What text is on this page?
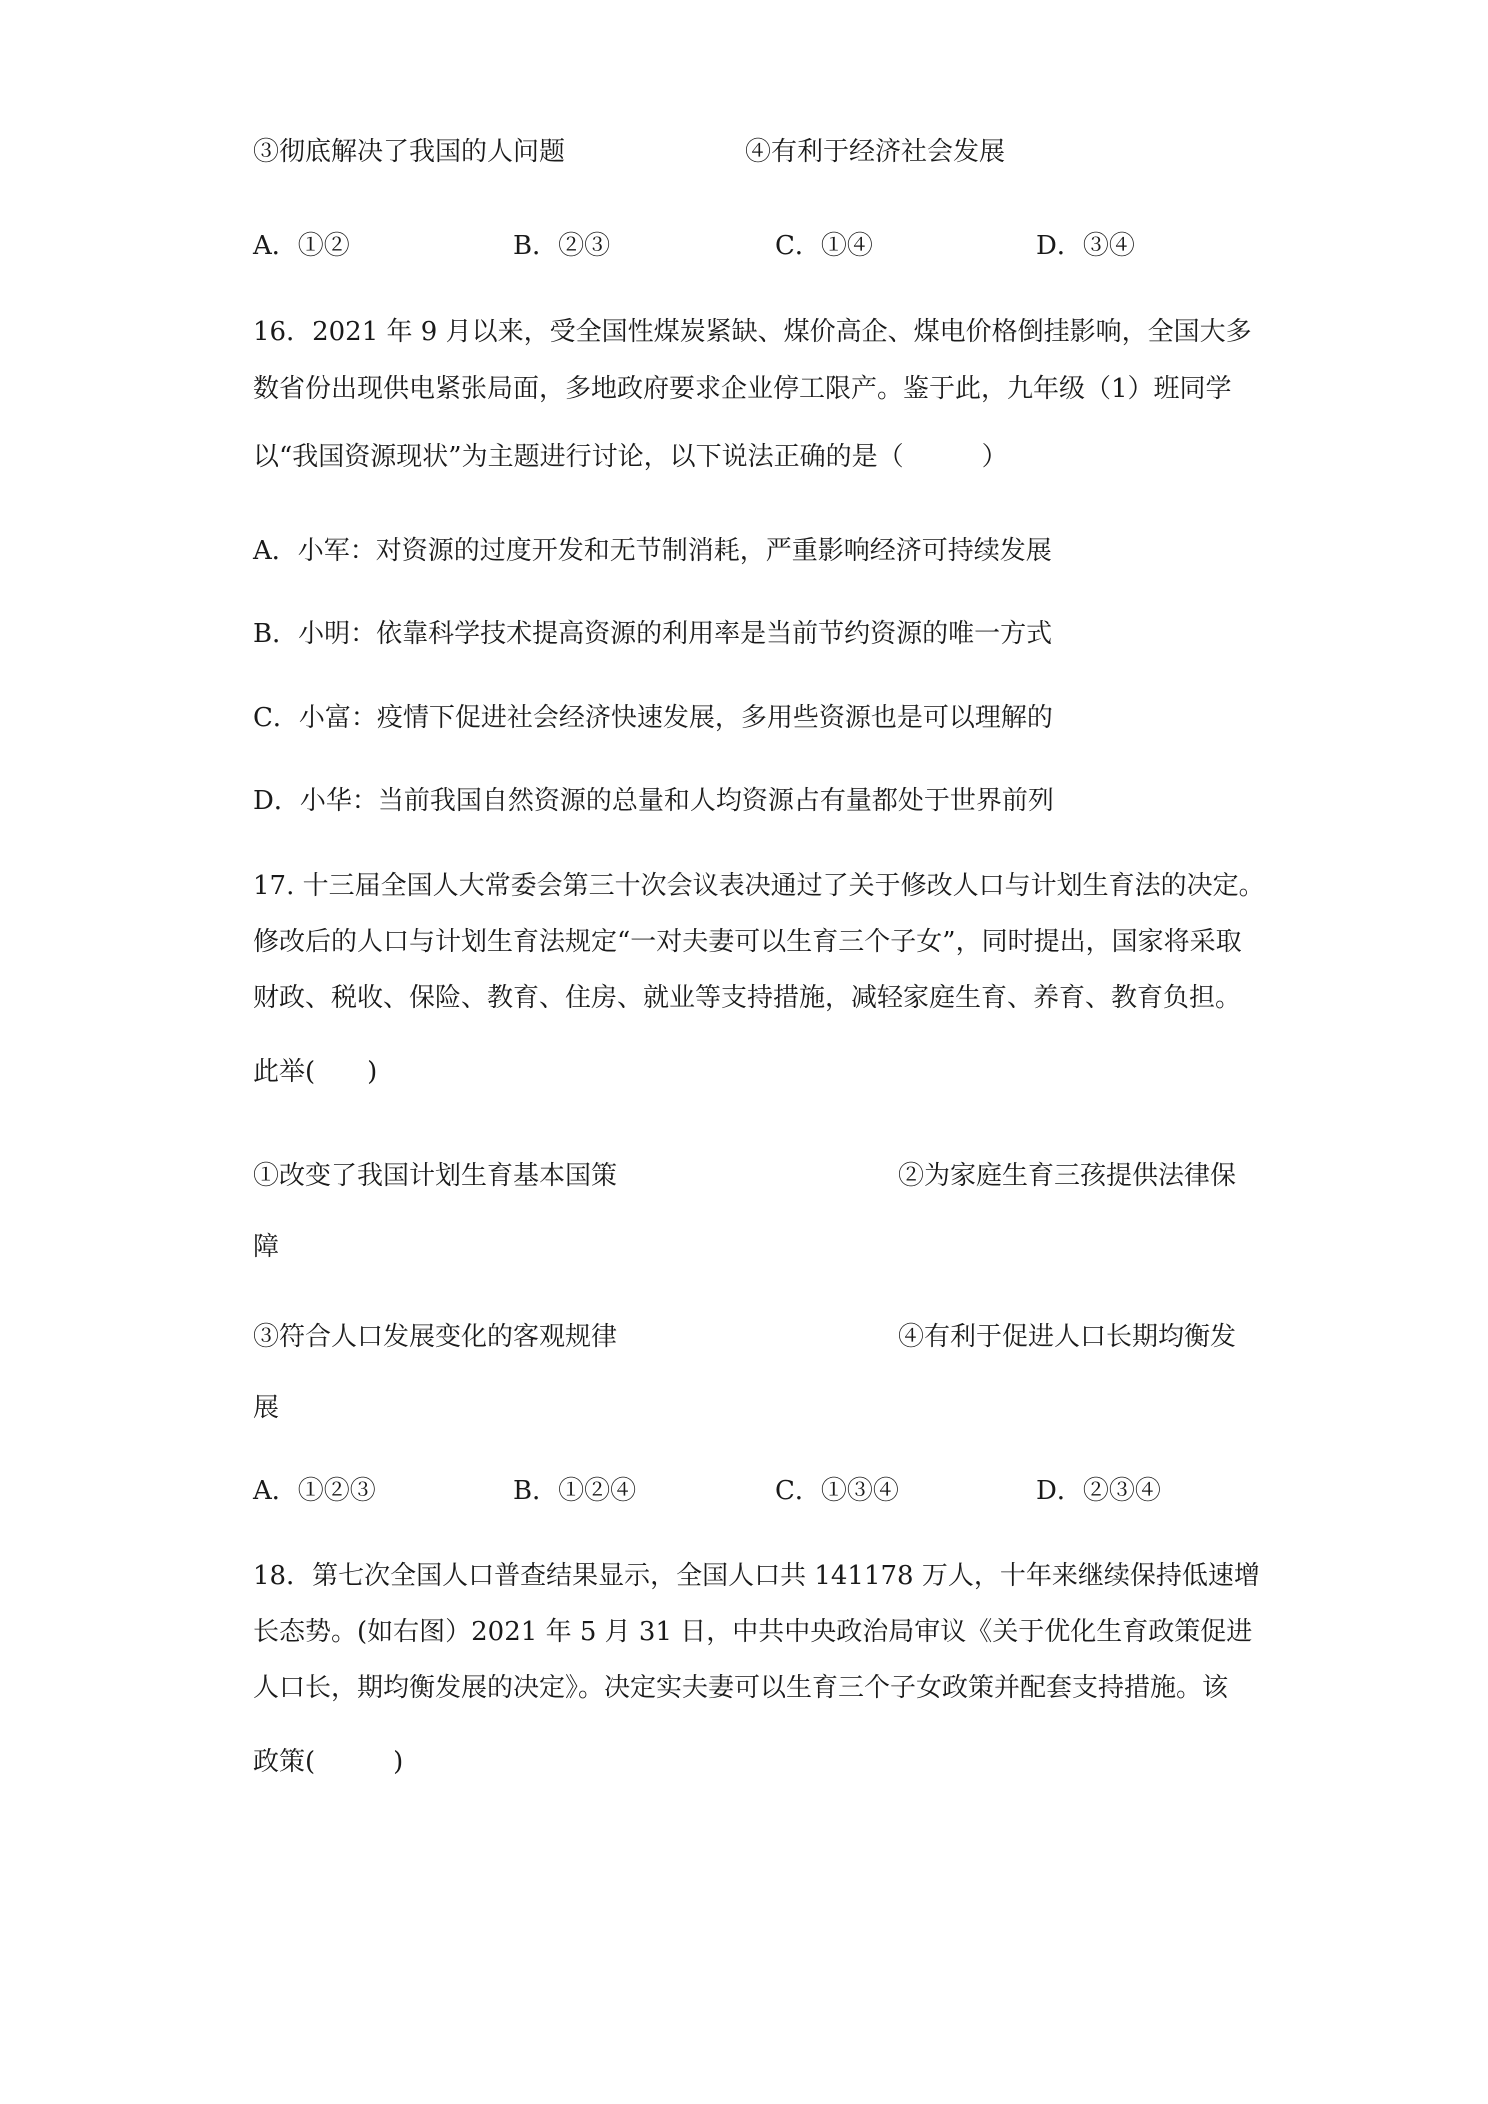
③彻底解决了我国的人问题	④有利于经济社会发展
A．①②	B．②③	C．①④	D．③④
16．2021 年 9 月以来，受全国性煤炭紧缺、煤价高企、煤电价格倒挂影响，全国大多
数省份出现供电紧张局面，多地政府要求企业停工限产。鉴于此，九年级（1）班同学
以“我国资源现状”为主题进行讨论，以下说法正确的是（　　　）
A．小军：对资源的过度开发和无节制消耗，严重影响经济可持续发展
B．小明：依靠科学技术提高资源的利用率是当前节约资源的唯一方式
C．小富：疫情下促进社会经济快速发展，多用些资源也是可以理解的
D．小华：当前我国自然资源的总量和人均资源占有量都处于世界前列
17. 十三届全国人大常委会第三十次会议表决通过了关于修改人口与计划生育法的决定。
修改后的人口与计划生育法规定“一对夫妻可以生育三个子女”，同时提出，国家将采取
财政、税收、保险、教育、住房、就业等支持措施，减轻家庭生育、养育、教育负担。
此举(　　)
①改变了我国计划生育基本国策	②为家庭生育三孩提供法律保
障
③符合人口发展变化的客观规律	④有利于促进人口长期均衡发
展
A．①②③	B．①②④	C．①③④	D．②③④
18．第七次全国人口普查结果显示，全国人口共 141178 万人，十年来继续保持低速增
长态势。(如右图）2021 年 5 月 31 日，中共中央政治局审议《关于优化生育政策促进
人口长，期均衡发展的决定》。决定实夫妻可以生育三个子女政策并配套支持措施。该
政策(　　　)
